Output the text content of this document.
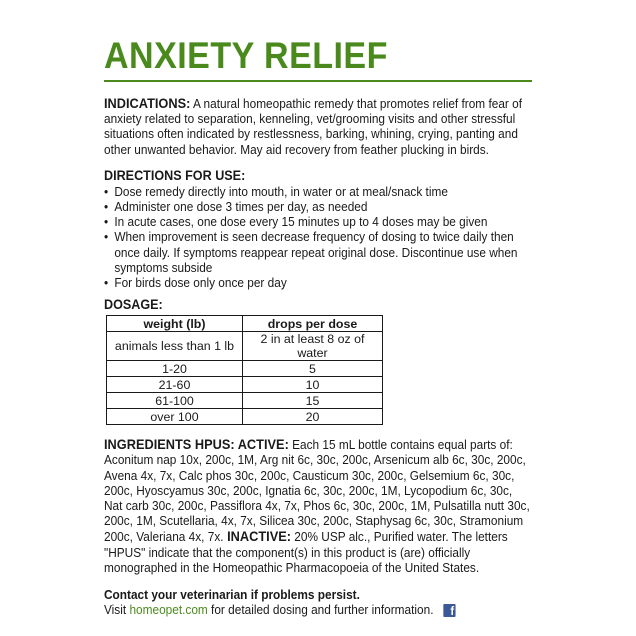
ANXIETY RELIEF

INDICATIONS: A natural homeopathic remedy that promotes relief from fear of anxiety related to separation, kenneling, vet/grooming visits and other stressful situations often indicated by restlessness, barking, whining, crying, panting and other unwanted behavior. May aid recovery from feather plucking in birds.

DIRECTIONS FOR USE:
• Dose remedy directly into mouth, in water or at meal/snack time
• Administer one dose 3 times per day, as needed
• In acute cases, one dose every 15 minutes up to 4 doses may be given
• When improvement is seen decrease frequency of dosing to twice daily then once daily. If symptoms reappear repeat original dose. Discontinue use when symptoms subside
• For birds dose only once per day
DOSAGE:
weight (lb)	drops per dose
animals less than 1 lb	2 in at least 8 oz of water
1-20	5
21-60	10
61-100	15
over 100	20

INGREDIENTS HPUS: ACTIVE: Each 15 mL bottle contains equal parts of: Aconitum nap 10x, 200c, 1M, Arg nit 6c, 30c, 200c, Arsenicum alb 6c, 30c, 200c, Avena 4x, 7x, Calc phos 30c, 200c, Causticum 30c, 200c, Gelsemium 6c, 30c, 200c, Hyoscyamus 30c, 200c, Ignatia 6c, 30c, 200c, 1M, Lycopodium 6c, 30c, Nat carb 30c, 200c, Passiflora 4x, 7x, Phos 6c, 30c, 200c, 1M, Pulsatilla nutt 30c, 200c, 1M, Scutellaria, 4x, 7x, Silicea 30c, 200c, Staphysag 6c, 30c, Stramonium 200c, Valeriana 4x, 7x. INACTIVE: 20% USP alc., Purified water. The letters "HPUS" indicate that the component(s) in this product is (are) officially monographed in the Homeopathic Pharmacopoeia of the United States.

Contact your veterinarian if problems persist.

Visit homeopet.com for detailed dosing and further information. f
